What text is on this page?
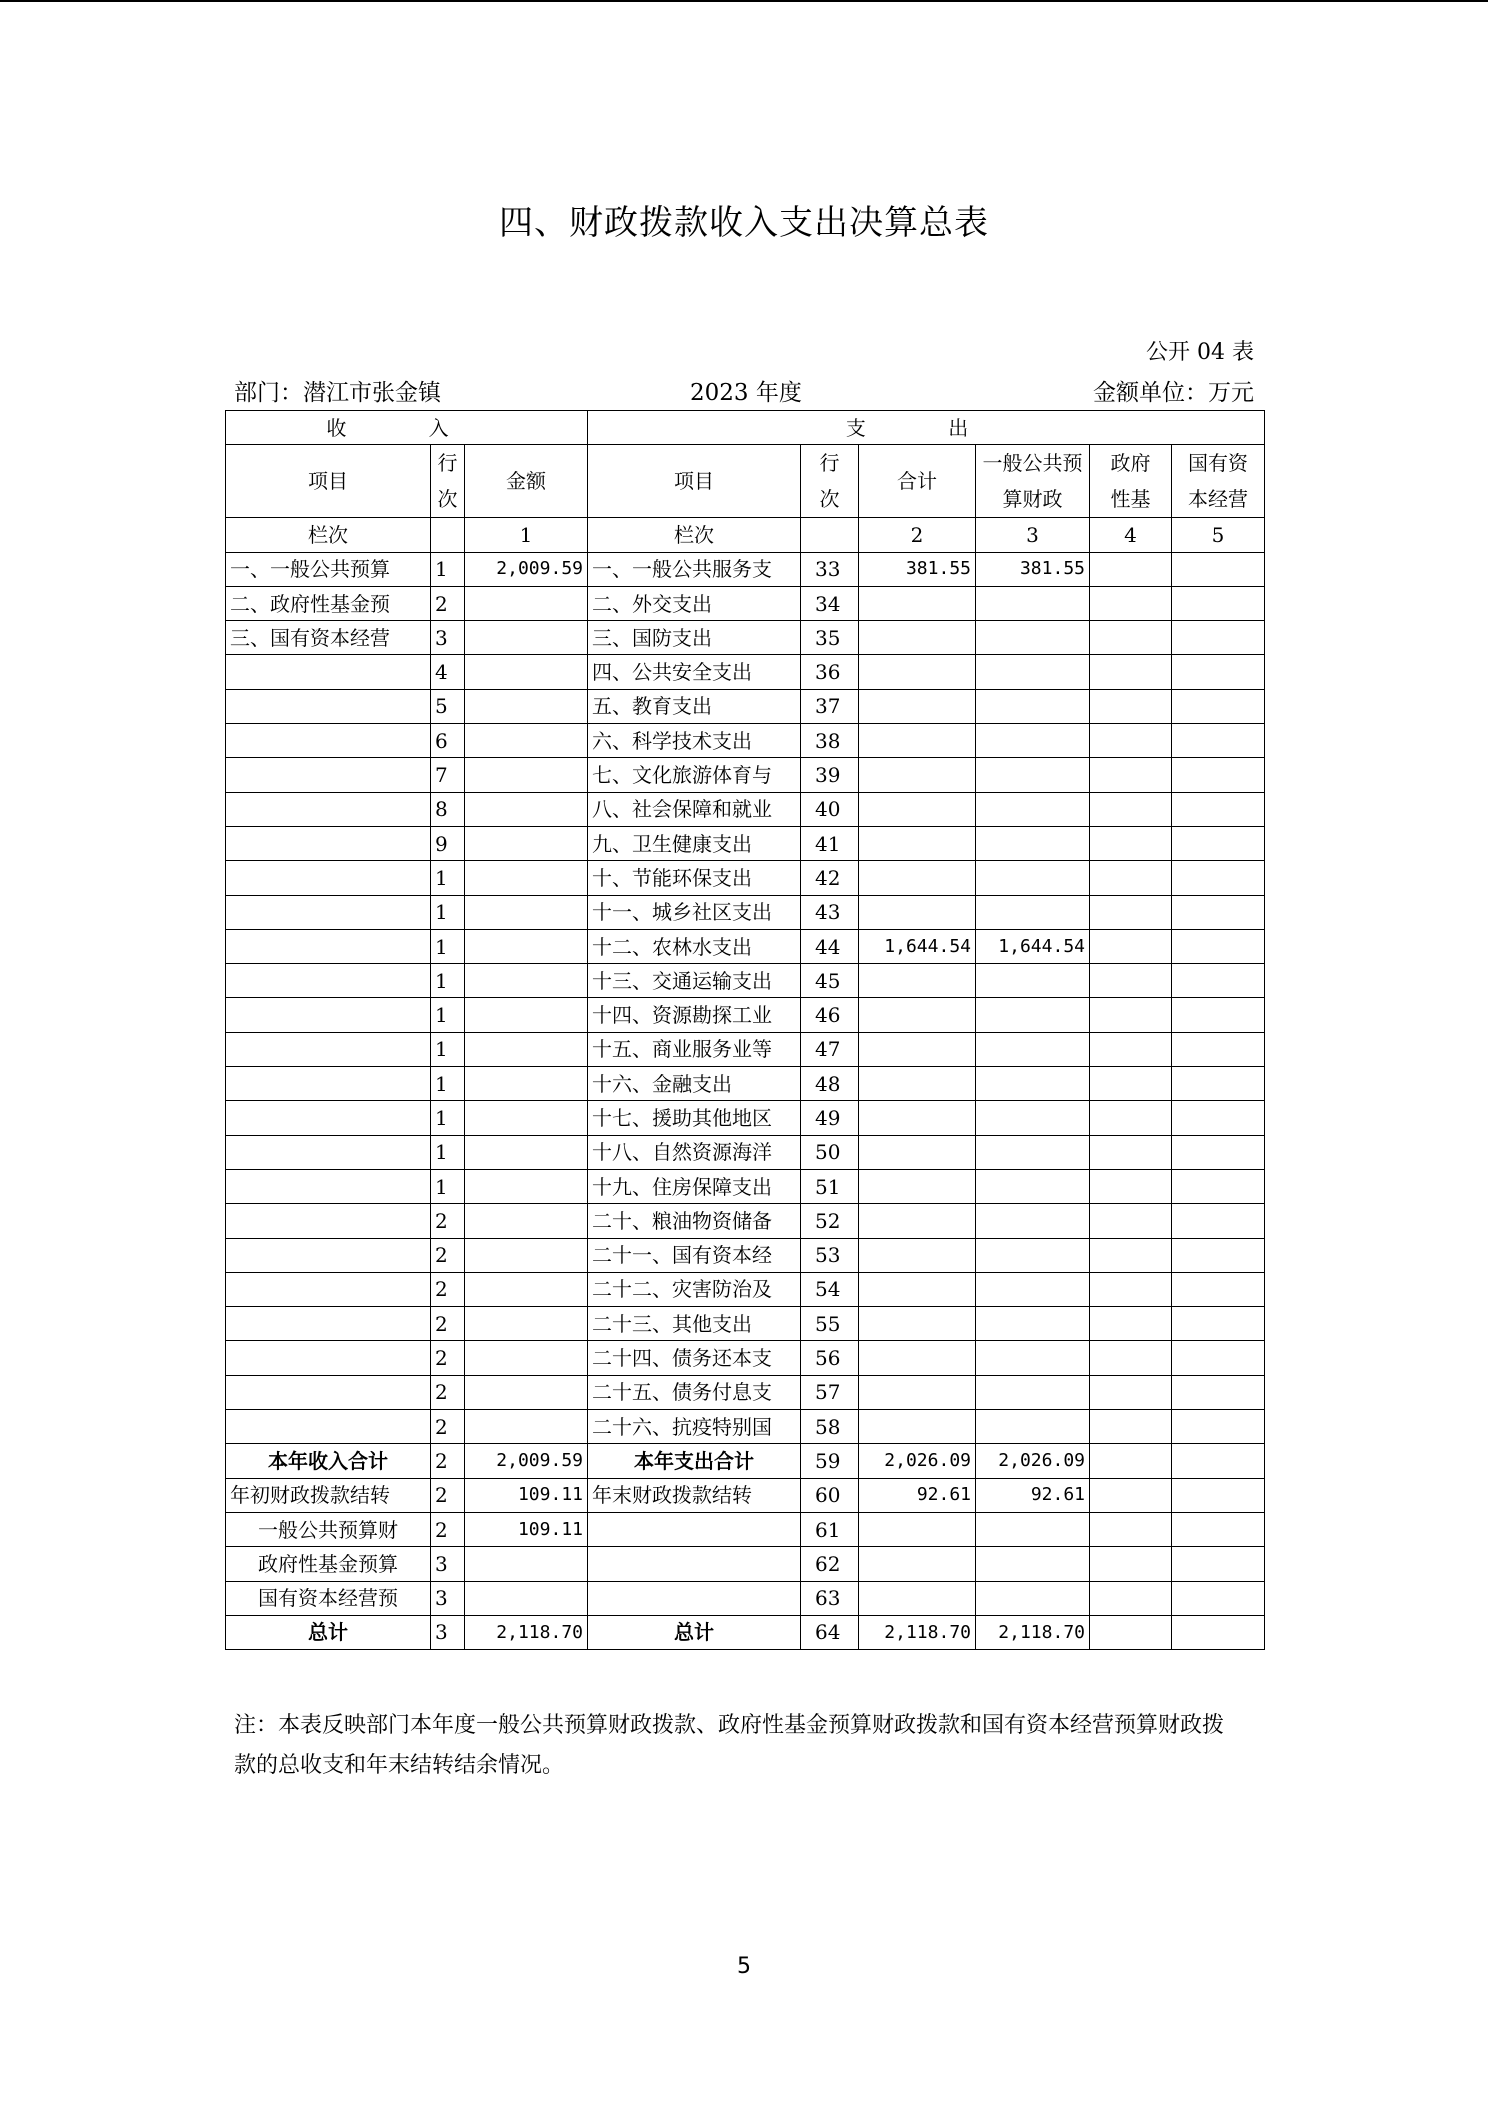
四、财政拨款收入支出决算总表
公开 04 表
部门：潜江市张金镇	2023 年度	金额单位：万元
收 入			支 出					
项目	行次	金额	项目	行次	合计	一般公共预算财政	政府性基	国有资本经营
栏次		1	栏次		2	3	4	5
一、一般公共预算	1	2,009.59	一、一般公共服务支	33	381.55	381.55		
二、政府性基金预	2		二、外交支出	34				
三、国有资本经营	3		三、国防支出	35				
	4		四、公共安全支出	36				
	5		五、教育支出	37				
	6		六、科学技术支出	38				
	7		七、文化旅游体育与	39				
	8		八、社会保障和就业	40				
	9		九、卫生健康支出	41				
	1		十、节能环保支出	42				
	1		十一、城乡社区支出	43				
	1		十二、农林水支出	44	1,644.54	1,644.54		
	1		十三、交通运输支出	45				
	1		十四、资源勘探工业	46				
	1		十五、商业服务业等	47				
	1		十六、金融支出	48				
	1		十七、援助其他地区	49				
	1		十八、自然资源海洋	50				
	1		十九、住房保障支出	51				
	2		二十、粮油物资储备	52				
	2		二十一、国有资本经	53				
	2		二十二、灾害防治及	54				
	2		二十三、其他支出	55				
	2		二十四、债务还本支	56				
	2		二十五、债务付息支	57				
	2		二十六、抗疫特别国	58				
本年收入合计	2	2,009.59	本年支出合计	59	2,026.09	2,026.09		
年初财政拨款结转	2	109.11	年末财政拨款结转	60	92.61	92.61		
一般公共预算财	2	109.11		61				
政府性基金预算	3			62				
国有资本经营预	3			63				
总计	3	2,118.70	总计	64	2,118.70	2,118.70		
注：本表反映部门本年度一般公共预算财政拨款、政府性基金预算财政拨款和国有资本经营预算财政拨款的总收支和年末结转结余情况。
5
